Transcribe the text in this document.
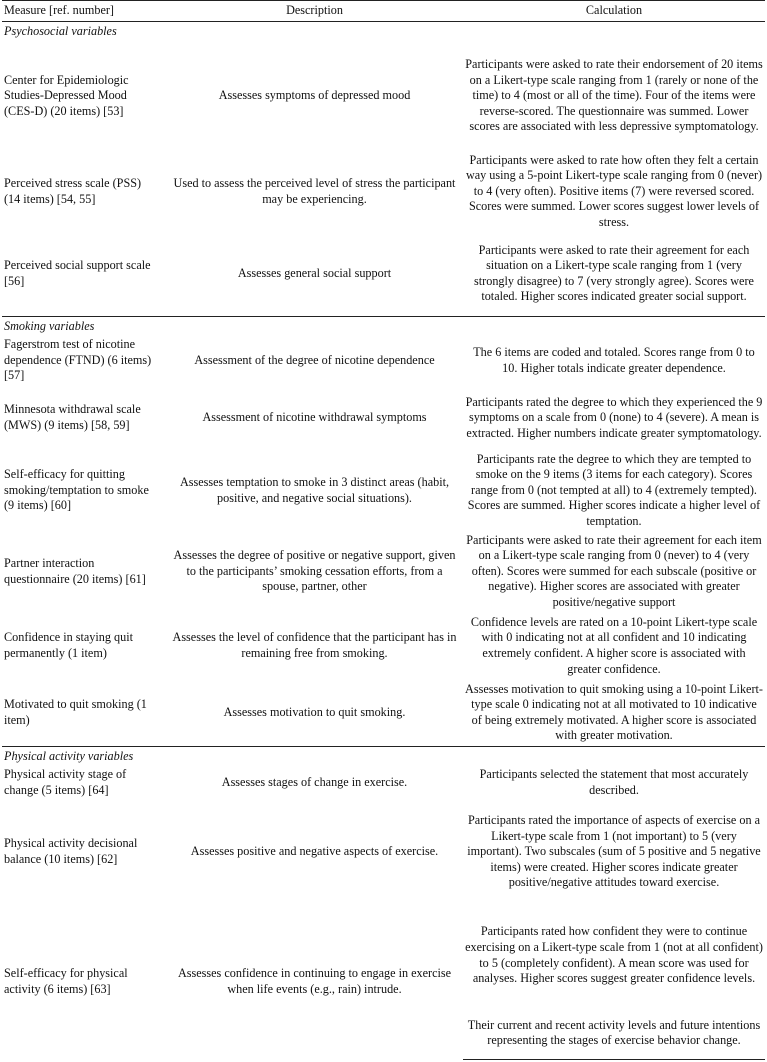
Measure [ref. number]	Description	Calculation
Psychosocial variables		
Center for Epidemiologic Studies-Depressed Mood (CES-D) (20 items) [53]	Assesses symptoms of depressed mood	Participants were asked to rate their endorsement of 20 items on a Likert-type scale ranging from 1 (rarely or none of the time) to 4 (most or all of the time). Four of the items were reverse-scored. The questionnaire was summed. Lower scores are associated with less depressive symptomatology.
Perceived stress scale (PSS) (14 items) [54, 55]	Used to assess the perceived level of stress the participant may be experiencing.	Participants were asked to rate how often they felt a certain way using a 5-point Likert-type scale ranging from 0 (never) to 4 (very often). Positive items (7) were reversed scored. Scores were summed. Lower scores suggest lower levels of stress.
Perceived social support scale [56]	Assesses general social support	Participants were asked to rate their agreement for each situation on a Likert-type scale ranging from 1 (very strongly disagree) to 7 (very strongly agree). Scores were totaled. Higher scores indicated greater social support.
Smoking variables		
Fagerstrom test of nicotine dependence (FTND) (6 items) [57]	Assessment of the degree of nicotine dependence	The 6 items are coded and totaled. Scores range from 0 to 10. Higher totals indicate greater dependence.
Minnesota withdrawal scale (MWS) (9 items) [58, 59]	Assessment of nicotine withdrawal symptoms	Participants rated the degree to which they experienced the 9 symptoms on a scale from 0 (none) to 4 (severe). A mean is extracted. Higher numbers indicate greater symptomatology.
Self-efficacy for quitting smoking/temptation to smoke (9 items) [60]	Assesses temptation to smoke in 3 distinct areas (habit, positive, and negative social situations).	Participants rate the degree to which they are tempted to smoke on the 9 items (3 items for each category). Scores range from 0 (not tempted at all) to 4 (extremely tempted). Scores are summed. Higher scores indicate a higher level of temptation.
Partner interaction questionnaire (20 items) [61]	Assesses the degree of positive or negative support, given to the participants’ smoking cessation efforts, from a spouse, partner, other	Participants were asked to rate their agreement for each item on a Likert-type scale ranging from 0 (never) to 4 (very often). Scores were summed for each subscale (positive or negative). Higher scores are associated with greater positive/negative support
Confidence in staying quit permanently (1 item)	Assesses the level of confidence that the participant has in remaining free from smoking.	Confidence levels are rated on a 10-point Likert-type scale with 0 indicating not at all confident and 10 indicating extremely confident. A higher score is associated with greater confidence.
Motivated to quit smoking (1 item)	Assesses motivation to quit smoking.	Assesses motivation to quit smoking using a 10-point Likert-type scale 0 indicating not at all motivated to 10 indicative of being extremely motivated. A higher score is associated with greater motivation.
Physical activity variables		
Physical activity stage of change (5 items) [64]	Assesses stages of change in exercise.	Participants selected the statement that most accurately described.
Physical activity decisional balance (10 items) [62]	Assesses positive and negative aspects of exercise.	Participants rated the importance of aspects of exercise on a Likert-type scale from 1 (not important) to 5 (very important). Two subscales (sum of 5 positive and 5 negative items) were created. Higher scores indicate greater positive/negative attitudes toward exercise.
Self-efficacy for physical activity (6 items) [63]	Assesses confidence in continuing to engage in exercise when life events (e.g., rain) intrude.	Participants rated how confident they were to continue exercising on a Likert-type scale from 1 (not at all confident) to 5 (completely confident). A mean score was used for analyses. Higher scores suggest greater confidence levels.
		Their current and recent activity levels and future intentions representing the stages of exercise behavior change.
